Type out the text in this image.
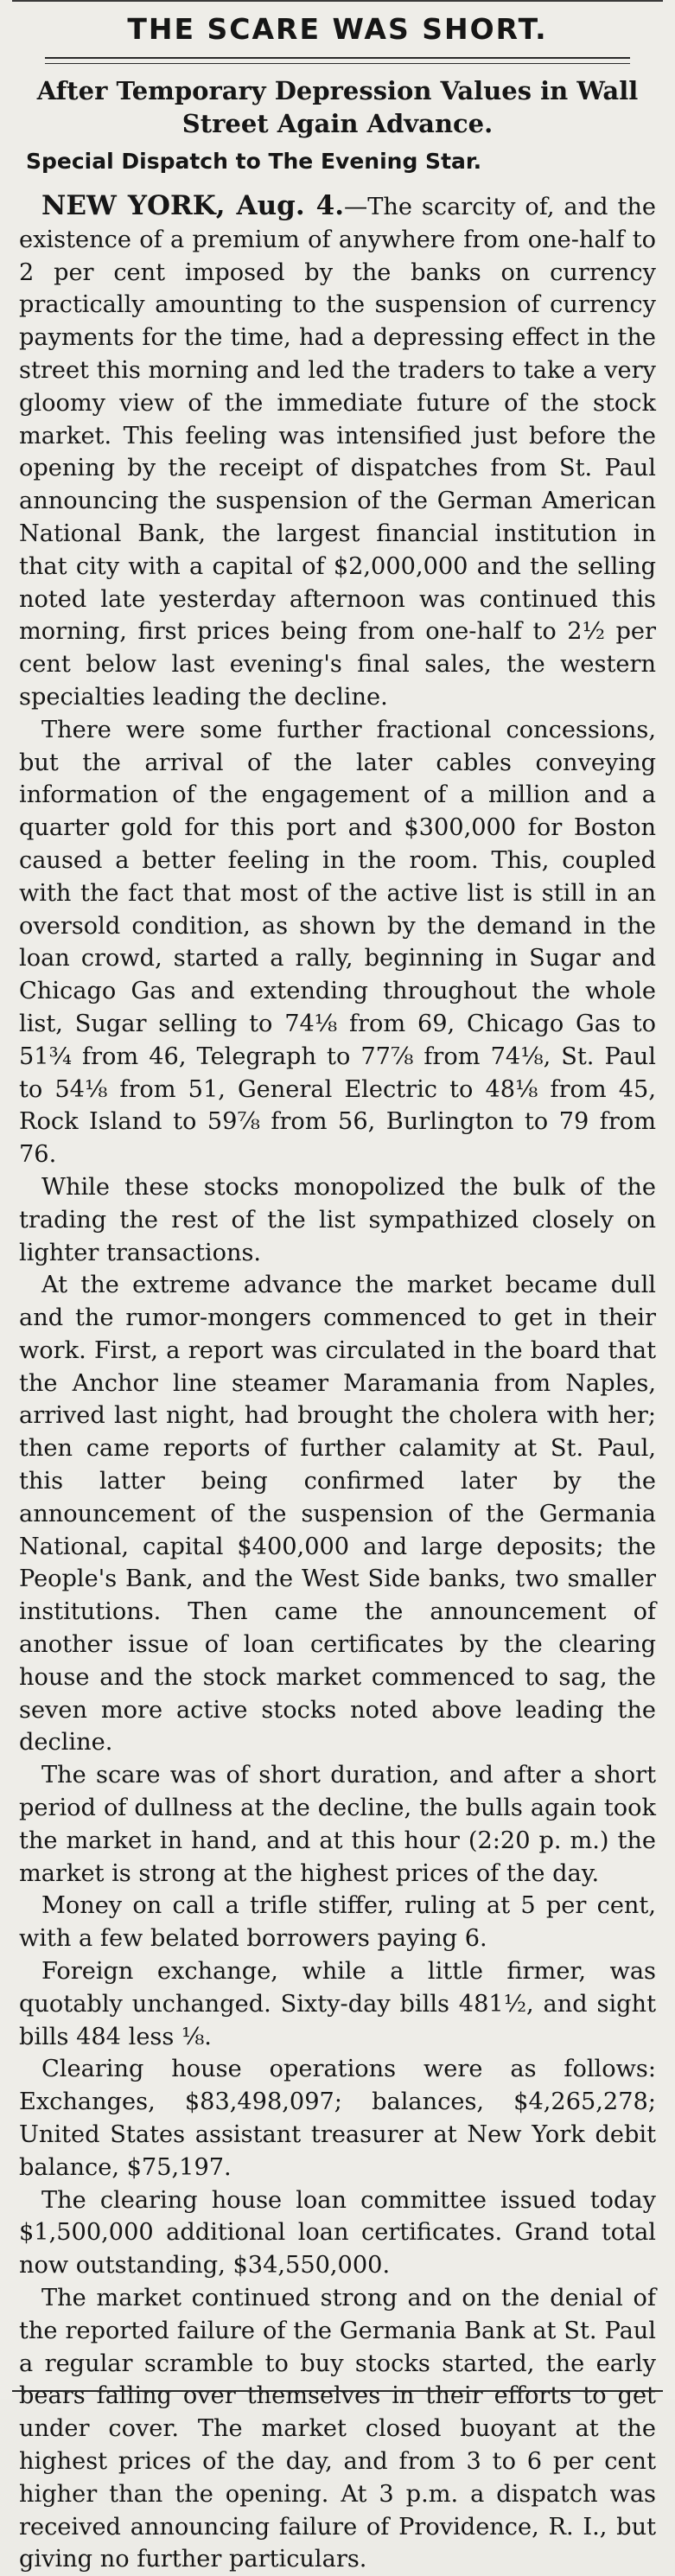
THE SCARE WAS SHORT.
After Temporary Depression Values in Wall Street Again Advance.
Special Dispatch to The Evening Star.

NEW YORK, Aug. 4.—The scarcity of, and the existence of a premium of anywhere from one-half to 2 per cent imposed by the banks on currency practically amounting to the suspension of currency payments for the time, had a depressing effect in the street this morning and led the traders to take a very gloomy view of the immediate future of the stock market. This feeling was intensified just before the opening by the receipt of dispatches from St. Paul announcing the suspension of the German American National Bank, the largest financial institution in that city with a capital of $2,000,000 and the selling noted late yesterday afternoon was continued this morning, first prices being from one-half to 2½ per cent below last evening's final sales, the western specialties leading the decline.

There were some further fractional concessions, but the arrival of the later cables conveying information of the engagement of a million and a quarter gold for this port and $300,000 for Boston caused a better feeling in the room. This, coupled with the fact that most of the active list is still in an oversold condition, as shown by the demand in the loan crowd, started a rally, beginning in Sugar and Chicago Gas and extending throughout the whole list, Sugar selling to 74⅛ from 69, Chicago Gas to 51¾ from 46, Telegraph to 77⅞ from 74⅛, St. Paul to 54⅛ from 51, General Electric to 48⅛ from 45, Rock Island to 59⅞ from 56, Burlington to 79 from 76.

While these stocks monopolized the bulk of the trading the rest of the list sympathized closely on lighter transactions.

At the extreme advance the market became dull and the rumor-mongers commenced to get in their work. First, a report was circulated in the board that the Anchor line steamer Maramania from Naples, arrived last night, had brought the cholera with her; then came reports of further calamity at St. Paul, this latter being confirmed later by the announcement of the suspension of the Germania National, capital $400,000 and large deposits; the People's Bank, and the West Side banks, two smaller institutions. Then came the announcement of another issue of loan certificates by the clearing house and the stock market commenced to sag, the seven more active stocks noted above leading the decline.

The scare was of short duration, and after a short period of dullness at the decline, the bulls again took the market in hand, and at this hour (2:20 p. m.) the market is strong at the highest prices of the day.

Money on call a trifle stiffer, ruling at 5 per cent, with a few belated borrowers paying 6.

Foreign exchange, while a little firmer, was quotably unchanged. Sixty-day bills 481½, and sight bills 484 less ⅛.

Clearing house operations were as follows: Exchanges, $83,498,097; balances, $4,265,278; United States assistant treasurer at New York debit balance, $75,197.

The clearing house loan committee issued today $1,500,000 additional loan certificates. Grand total now outstanding, $34,550,000.

The market continued strong and on the denial of the reported failure of the Germania Bank at St. Paul a regular scramble to buy stocks started, the early bears falling over themselves in their efforts to get under cover. The market closed buoyant at the highest prices of the day, and from 3 to 6 per cent higher than the opening. At 3 p.m. a dispatch was received announcing failure of Providence, R. I., but giving no further particulars.
